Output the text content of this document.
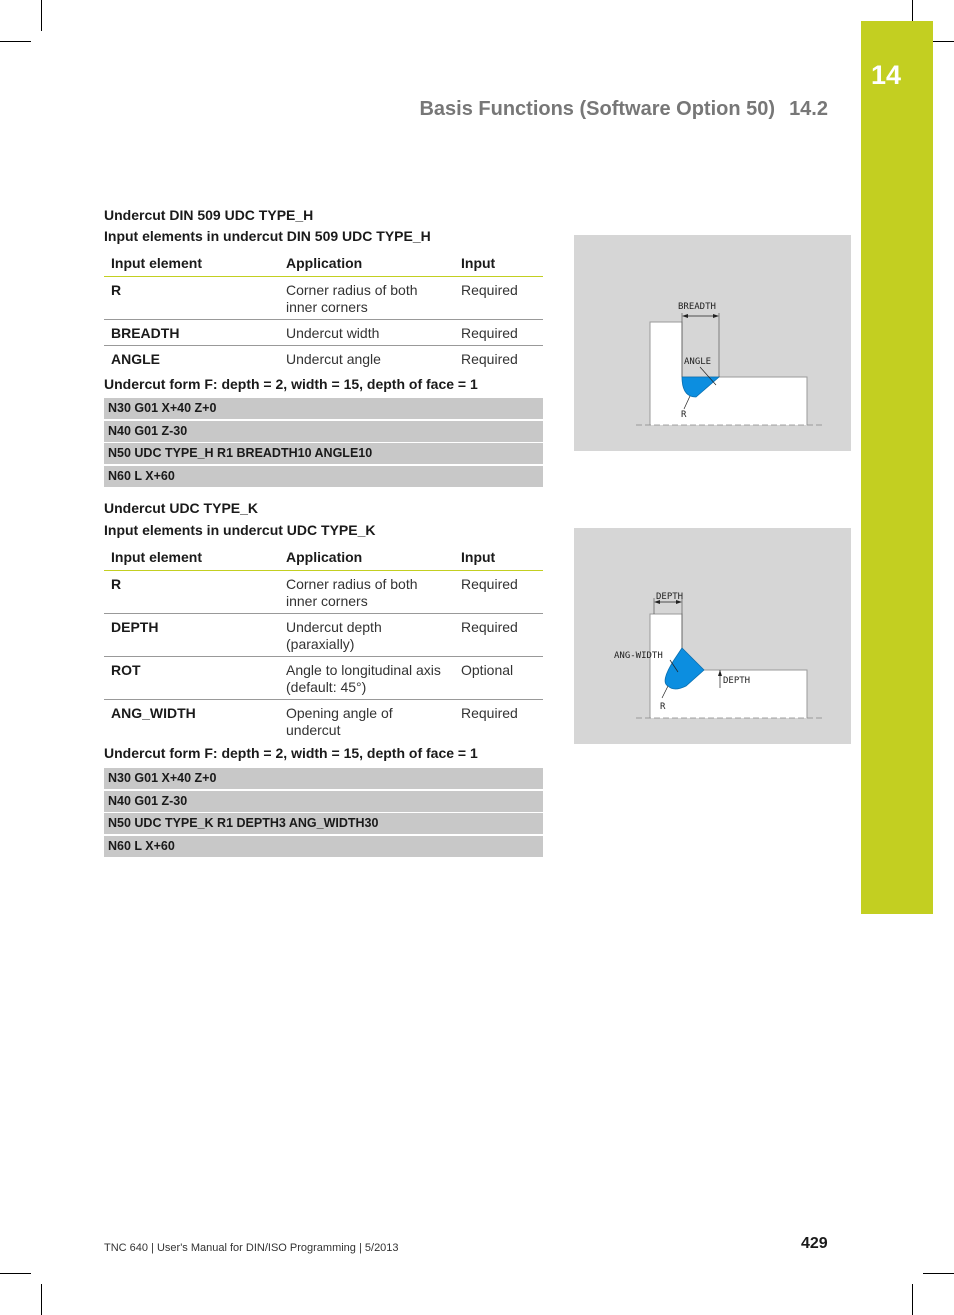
14
Basis Functions (Software Option 50) 14.2
Undercut DIN 509 UDC TYPE_H
Input elements in undercut DIN 509 UDC TYPE_H
Input element	Application	Input
R	Corner radius of both inner corners	Required
BREADTH	Undercut width	Required
ANGLE	Undercut angle	Required
Undercut form F: depth = 2, width = 15, depth of face = 1
N30 G01 X+40 Z+0
N40 G01 Z-30
N50 UDC TYPE_H R1 BREADTH10 ANGLE10
N60 L X+60
BREADTH
ANGLE
R
Undercut UDC TYPE_K
Input elements in undercut UDC TYPE_K
Input element	Application	Input
R	Corner radius of both inner corners	Required
DEPTH	Undercut depth (paraxially)	Required
ROT	Angle to longitudinal axis (default: 45°)	Optional
ANG_WIDTH	Opening angle of undercut	Required
Undercut form F: depth = 2, width = 15, depth of face = 1
N30 G01 X+40 Z+0
N40 G01 Z-30
N50 UDC TYPE_K R1 DEPTH3 ANG_WIDTH30
N60 L X+60
DEPTH
ANG-WIDTH
DEPTH
R
TNC 640 | User's Manual for DIN/ISO Programming | 5/2013	429
